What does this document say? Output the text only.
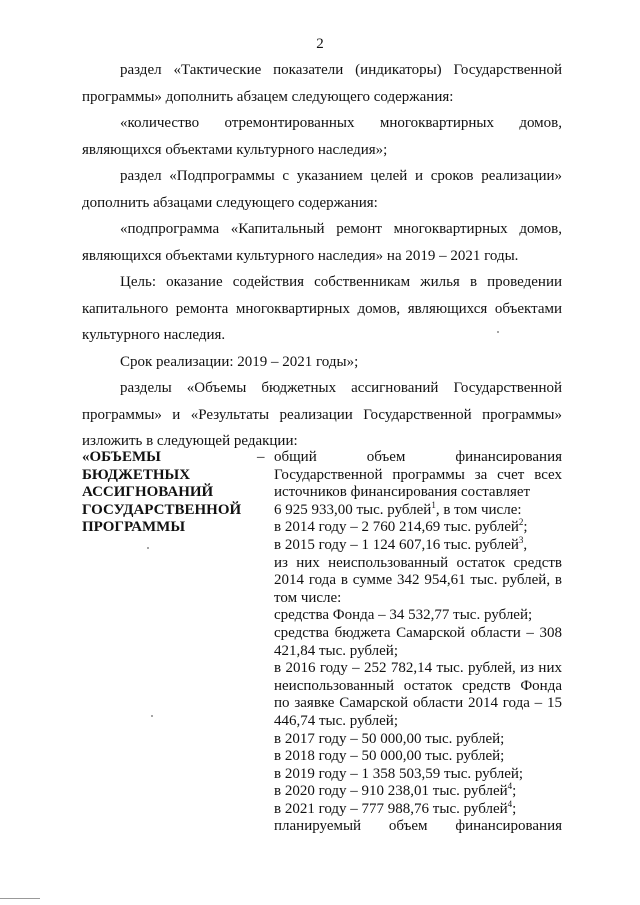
2

раздел «Тактические показатели (индикаторы) Государственной программы» дополнить абзацем следующего содержания:

«количество отремонтированных многоквартирных домов, являющихся объектами культурного наследия»;

раздел «Подпрограммы с указанием целей и сроков реализации» дополнить абзацами следующего содержания:

«подпрограмма «Капитальный ремонт многоквартирных домов, являющихся объектами культурного наследия» на 2019 – 2021 годы.

Цель: оказание содействия собственникам жилья в проведении капитального ремонта многоквартирных домов, являющихся объектами культурного наследия.

Срок реализации: 2019 – 2021 годы»;

разделы «Объемы бюджетных ассигнований Государственной программы» и «Результаты реализации Государственной программы» изложить в следующей редакции:

«ОБЪЕМЫ
БЮДЖЕТНЫХ
АССИГНОВАНИЙ
ГОСУДАРСТВЕННОЙ
ПРОГРАММЫ
– общий объем финансирования Государственной программы за счет всех источников финансирования составляет
6 925 933,00 тыс. рублей$^1$, в том числе:
в 2014 году – 2 760 214,69 тыс. рублей$^2$;
в 2015 году – 1 124 607,16 тыс. рублей$^3$,
из них неиспользованный остаток средств 2014 года в сумме 342 954,61 тыс. рублей, в том числе:
средства Фонда – 34 532,77 тыс. рублей;
средства бюджета Самарской области – 308 421,84 тыс. рублей;
в 2016 году – 252 782,14 тыс. рублей, из них неиспользованный остаток средств Фонда по заявке Самарской области 2014 года – 15 446,74 тыс. рублей;
в 2017 году – 50 000,00 тыс. рублей;
в 2018 году – 50 000,00 тыс. рублей;
в 2019 году – 1 358 503,59 тыс. рублей;
в 2020 году – 910 238,01 тыс. рублей$^4$;
в 2021 году – 777 988,76 тыс. рублей$^4$;
планируемый объем финансирования
